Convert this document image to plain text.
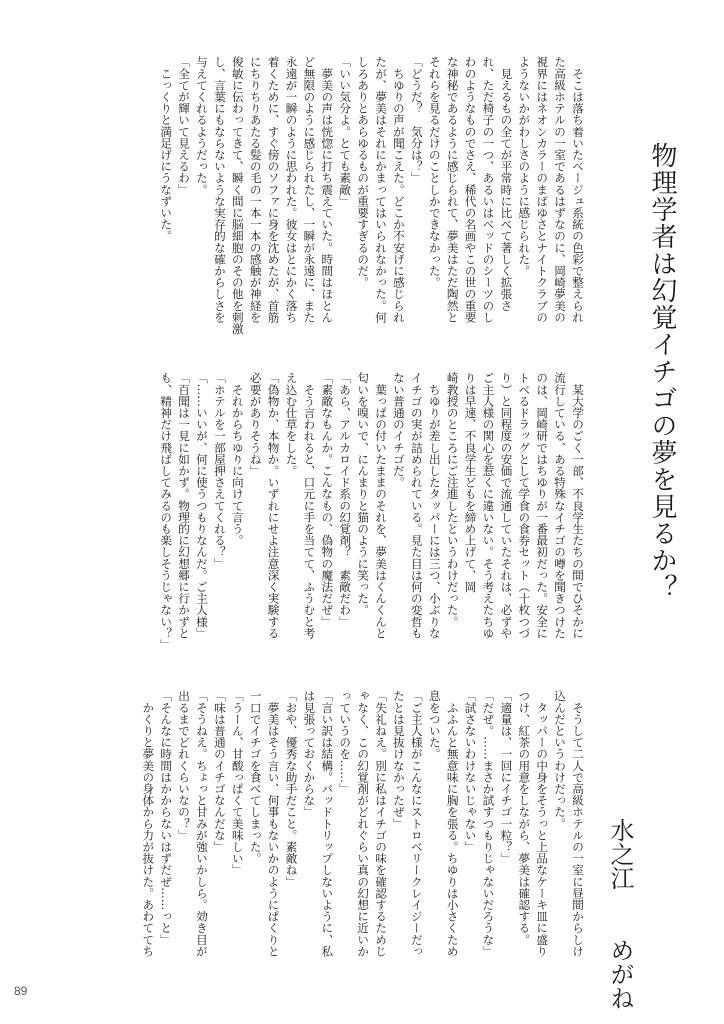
物理学者は幻覚イチゴの夢を見るか？
水之江めがね

　そこは落ち着いたベージュ系統の色彩で整えられ

た高級ホテルの一室であるはずなのに、岡崎夢美の

視界にはネオンカラーのまばゆさとナイトクラブの

ようないかがわしさのように感じられた。

　見えるもの全てが平常時に比べて著しく拡張さ

れ、ただ椅子の一つ、あるいはベッドのシーツのし

わのようなものでさえ、稀代の名画やこの世の重要

な神秘であるように感じられて、夢美はただ陶然と

それらを見るだけのことしかできなかった。

「どうだ？　気分は？」

　ちゆりの声が聞こえた。どこか不安げに感じられ

たが、夢美はそれにかまってはいられなかった。何

しろありとあらゆるものが重要すぎるのだ。

「いい気分よ。とても素敵」

　夢美の声は恍惚に打ち震えていた。時間はほとん

ど無限のように感じられたし、一瞬が永遠に、また

永遠が一瞬のように思われた。彼女はとにかく落ち

着くために、すぐ傍のソファに身を沈めたが、首筋

にちりちりあたる髪の毛の一本一本の感触が神経を

俊敏に伝わってきて、瞬く間に脳細胞のその他を刺激

し、言葉にもならないような実存的な確からしさを

与えてくれるようだった。

「全てが輝いて見えるわ」

　こっくりと満足げにうなずいた。

　某大学のごく一部、不良学生たちの間でひそかに

流行している、ある特殊なイチゴの噂を聞きつけた

のは、岡崎研ではちゆりが一番最初だった。安全に

トベるドラッグとして学食の食券セット（十枚つづ

り）と同程度の安価で流通していたそれは、必ずや

ご主人様の関心を惹くに違いない。そう考えたちゆ

りは早速、不良学生どもを締め上げて、岡

崎教授のところにご注進したというわけだった。

　ちゆりが差し出したタッパーには三つ、小ぶりな

イチゴの実が詰められている。見た目は何の変哲も

ない普通のイチゴだ。

　葉っぱの付いたままのそれを、夢美はくんくんと

匂いを嗅いで、にんまりと猫のように笑った。

「あら、アルカロイド系の幻覚剤？　素敵だわ」

「素敵なもんか。こんなもの、偽物の魔法だぜ」

　そう言われると、口元に手を当てて、ふうむと考

え込む仕草をした。

「偽物か、本物か。いずれにせよ注意深く実験する

必要がありそうね」

　それからちゆりに向けて言う。

「ホテルを一部屋押さえてくれる？」

「……いいが、何に使うつもりなんだ。ご主人様」

「百聞は一見に如かず。物理的に幻想郷に行かずと

も、精神だけ飛ばしてみるのも楽しそうじゃない？」

　そうして二人で高級ホテルの一室に昼間からしけ

込んだというわけだった。

　タッパーの中身をそうっと上品なケーキ皿に盛り

つけ、紅茶の用意をしながら、夢美は確認する。

「適量は、一回にイチゴ一粒？」

「だぜ。……まさか試すつもりじゃないだろうな」

「試さないわけないじゃない」

　ふふんと無意味に胸を張る。ちゆりは小さくため

息をついた。

「ご主人様がこんなにストロベリークレイジーだっ

たとは見抜けなかったぜ」

「失礼ねえ。別に私はイチゴの味を確認するためじ

ゃなく、この幻覚剤がどれぐらい真の幻想に近いか

っていうのを……」

「言い訳は結構。バッドトリップしないように、私

は見張っておくからな」

「おや、優秀な助手だこと。素敵ね」

　夢美はそう言い、何事もないかのようにぱくりと

一口でイチゴを食べてしまった。

「うーん、甘酸っぱくて美味しい」

「味は普通のイチゴなんだな」

「そうねえ。ちょっと甘みが強いかしら。効き目が

出るまでどれくらいなの？」

「そんなに時間はかからないはずだぜ……っと」

　かくりと夢美の身体から力が抜けた。あわててち

89
